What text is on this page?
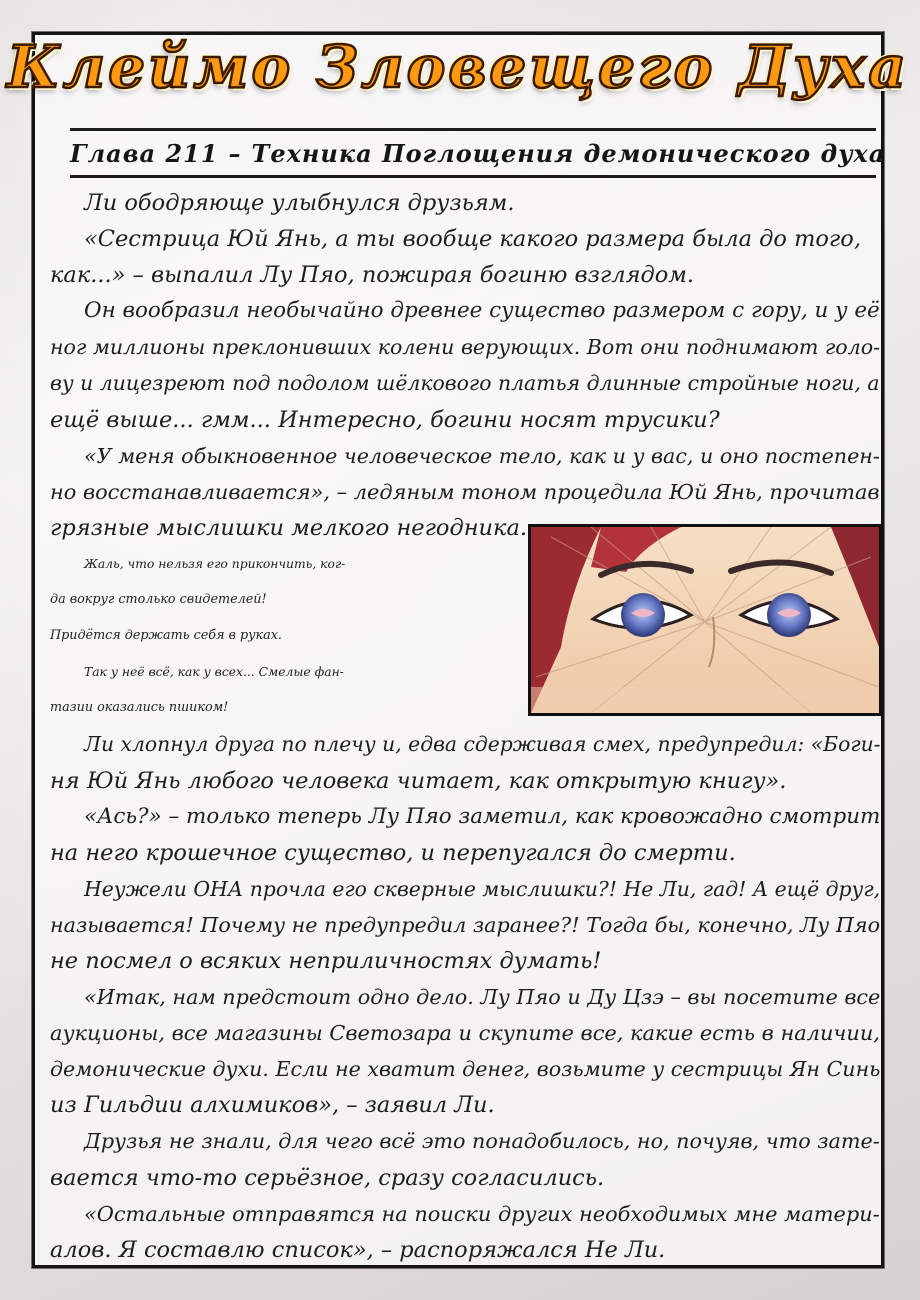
Клеймо Зловещего Духа
Глава 211 – Техника Поглощения демонического духа
Ли ободряюще улыбнулся друзьям.
«Сестрица Юй Янь, а ты вообще какого размера была до того,
как...» – выпалил Лу Пяо, пожирая богиню взглядом.
Он вообразил необычайно древнее существо размером с гору, и у её
ног миллионы преклонивших колени верующих. Вот они поднимают голо-
ву и лицезреют под подолом шёлкового платья длинные стройные ноги, а
ещё выше... гмм... Интересно, богини носят трусики?
«У меня обыкновенное человеческое тело, как и у вас, и оно постепен-
но восстанавливается», – ледяным тоном процедила Юй Янь, прочитав
грязные мыслишки мелкого негодника.
Жаль, что нельзя его прикончить, ког-
да вокруг столько свидетелей!
Придётся держать себя в руках.
Так у неё всё, как у всех... Смелые фан-
тазии оказались пшиком!
Ли хлопнул друга по плечу и, едва сдерживая смех, предупредил: «Боги-
ня Юй Янь любого человека читает, как открытую книгу».
«Ась?» – только теперь Лу Пяо заметил, как кровожадно смотрит
на него крошечное существо, и перепугался до смерти.
Неужели ОНА прочла его скверные мыслишки?! Не Ли, гад! А ещё друг,
называется! Почему не предупредил заранее?! Тогда бы, конечно, Лу Пяо
не посмел о всяких неприличностях думать!
«Итак, нам предстоит одно дело. Лу Пяо и Ду Цзэ – вы посетите все
аукционы, все магазины Светозара и скупите все, какие есть в наличии,
демонические духи. Если не хватит денег, возьмите у сестрицы Ян Синь
из Гильдии алхимиков», – заявил Ли.
Друзья не знали, для чего всё это понадобилось, но, почуяв, что зате-
вается что-то серьёзное, сразу согласились.
«Остальные отправятся на поиски других необходимых мне матери-
алов. Я составлю список», – распоряжался Не Ли.
